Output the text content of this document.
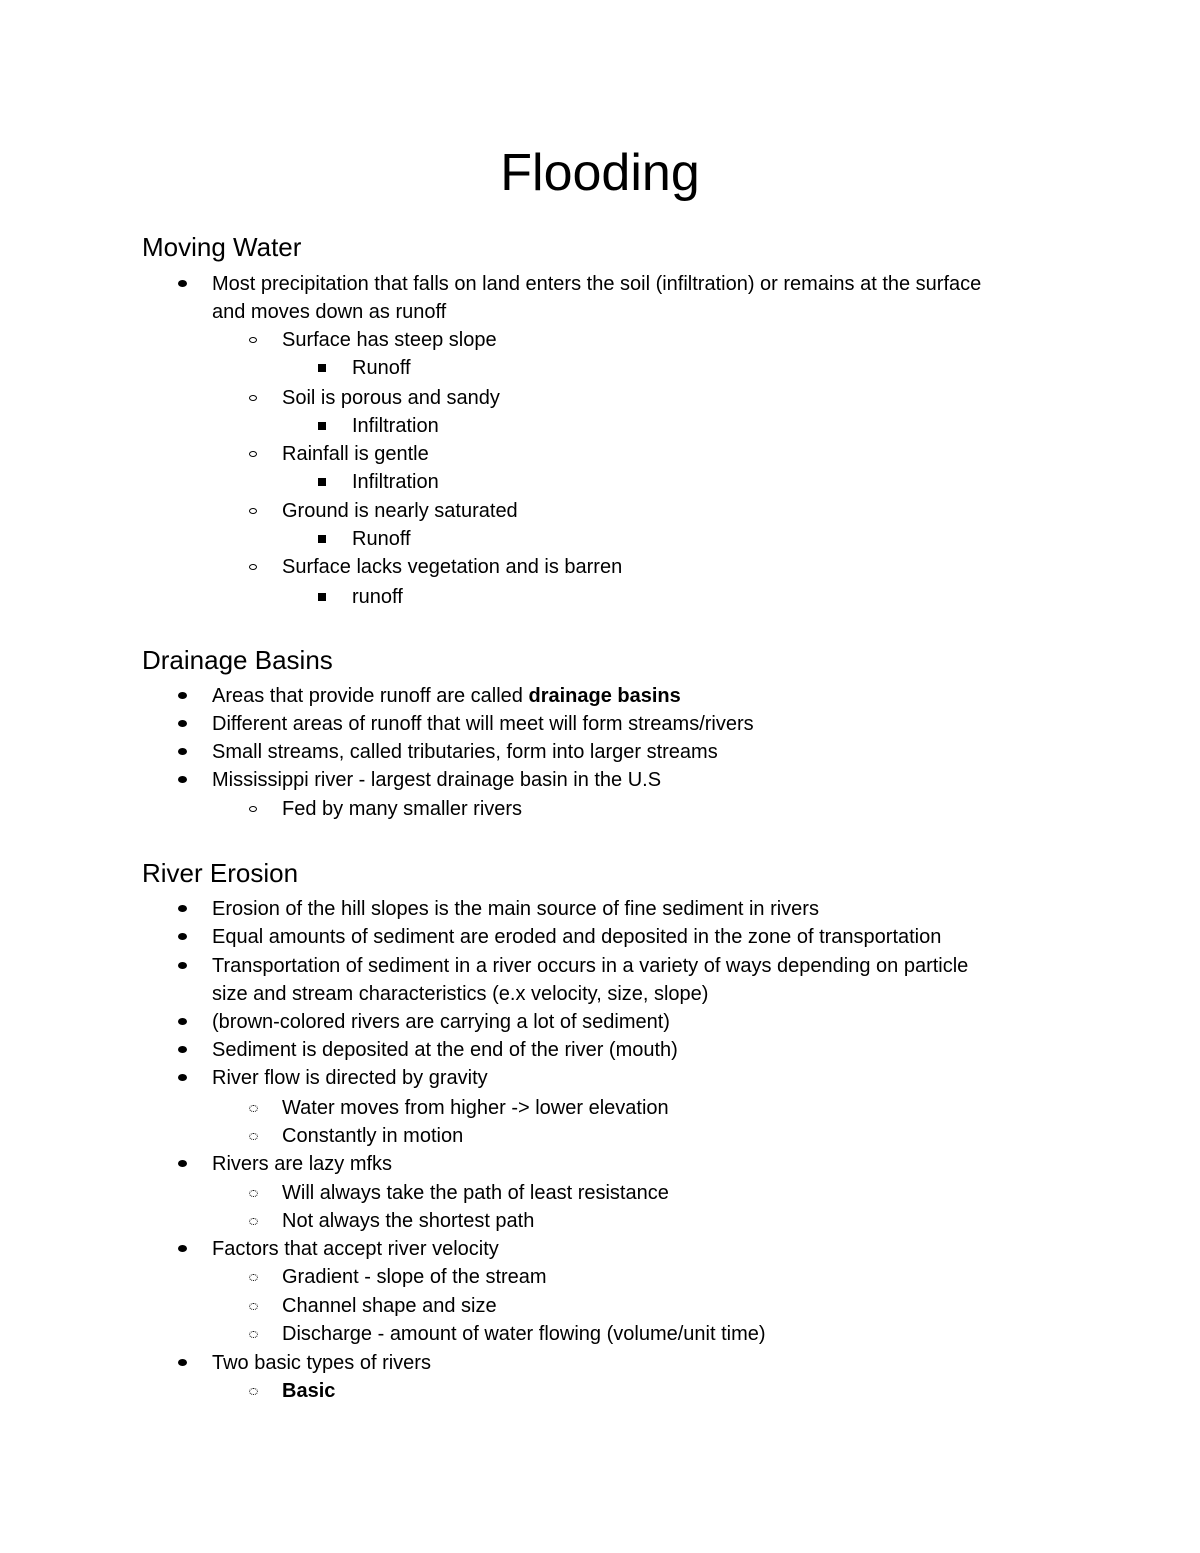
Flooding
Moving Water
Most precipitation that falls on land enters the soil (infiltration) or remains at the surface
and moves down as runoff
Surface has steep slope
Runoff
Soil is porous and sandy
Infiltration
Rainfall is gentle
Infiltration
Ground is nearly saturated
Runoff
Surface lacks vegetation and is barren
runoff
Drainage Basins
Areas that provide runoff are called drainage basins
Different areas of runoff that will meet will form streams/rivers
Small streams, called tributaries, form into larger streams
Mississippi river - largest drainage basin in the U.S
Fed by many smaller rivers
River Erosion
Erosion of the hill slopes is the main source of fine sediment in rivers
Equal amounts of sediment are eroded and deposited in the zone of transportation
Transportation of sediment in a river occurs in a variety of ways depending on particle
size and stream characteristics (e.x velocity, size, slope)
(brown-colored rivers are carrying a lot of sediment)
Sediment is deposited at the end of the river (mouth)
River flow is directed by gravity
Water moves from higher -> lower elevation
Constantly in motion
Rivers are lazy mfks
Will always take the path of least resistance
Not always the shortest path
Factors that accept river velocity
Gradient - slope of the stream
Channel shape and size
Discharge - amount of water flowing (volume/unit time)
Two basic types of rivers
Basic
